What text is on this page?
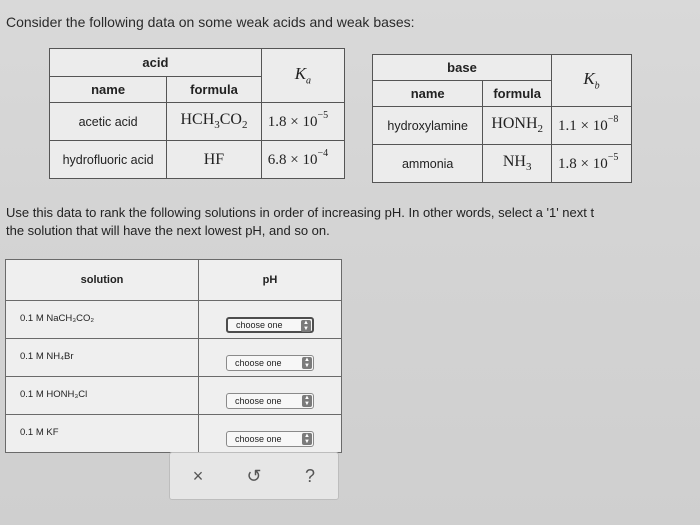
Consider the following data on some weak acids and weak bases:
acid		$K_a$
name	formula	
acetic acid	$HCH_3CO_2$	$1.8 \times 10^{-5}$
hydrofluoric acid	HF	$6.8 \times 10^{-4}$
base		$K_b$
name	formula	
hydroxylamine	$HONH_2$	$1.1 \times 10^{-8}$
ammonia	$NH_3$	$1.8 \times 10^{-5}$
Use this data to rank the following solutions in order of increasing pH. In other words, select a '1' next t
the solution that will have the next lowest pH, and so on.
solution	pH
0.1 M NaCH₃CO₂	choose one ▲
▼

0.1 M NH₄Br	choose one ▲
▼

0.1 M HONH₃Cl	choose one ▲
▼

0.1 M KF	choose one ▲
▼
×	↺	?
